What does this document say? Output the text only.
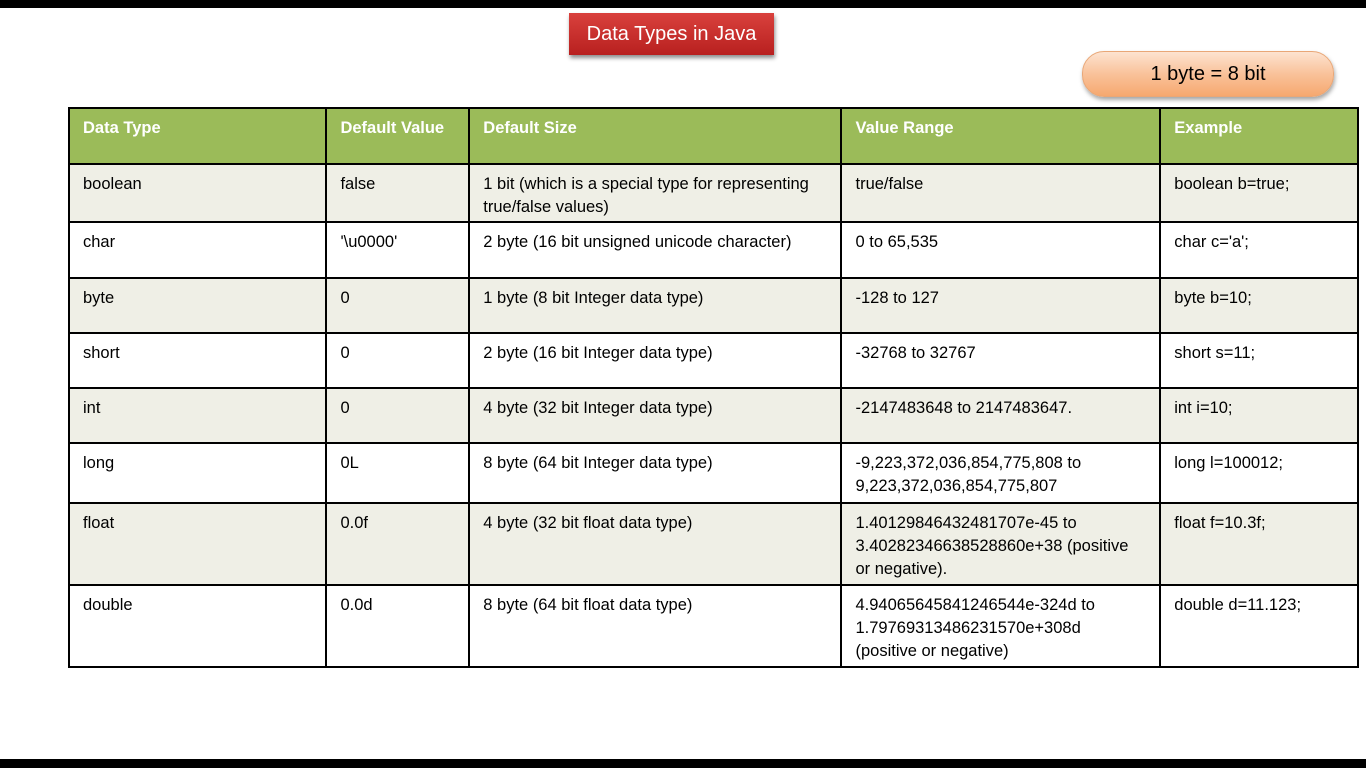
Data Types in Java
1 byte = 8 bit
Data Type	Default Value	Default Size	Value Range	Example
boolean	false	1 bit (which is a special type for representing true/false values)	true/false	boolean b=true;
char	'\u0000'	2 byte (16 bit unsigned unicode character)	0 to 65,535	char c='a';
byte	0	1 byte (8 bit Integer data type)	-128 to 127	byte b=10;
short	0	2 byte (16 bit Integer data type)	-32768 to 32767	short s=11;
int	0	4 byte (32 bit Integer data type)	-2147483648 to 2147483647.	int i=10;
long	0L	8 byte (64 bit Integer data type)	-9,223,372,036,854,775,808 to 9,223,372,036,854,775,807	long l=100012;
float	0.0f	4 byte (32 bit float data type)	1.40129846432481707e-45 to 3.40282346638528860e+38 (positive or negative).	float f=10.3f;
double	0.0d	8 byte (64 bit float data type)	4.94065645841246544e-324d to 1.79769313486231570e+308d (positive or negative)	double d=11.123;
